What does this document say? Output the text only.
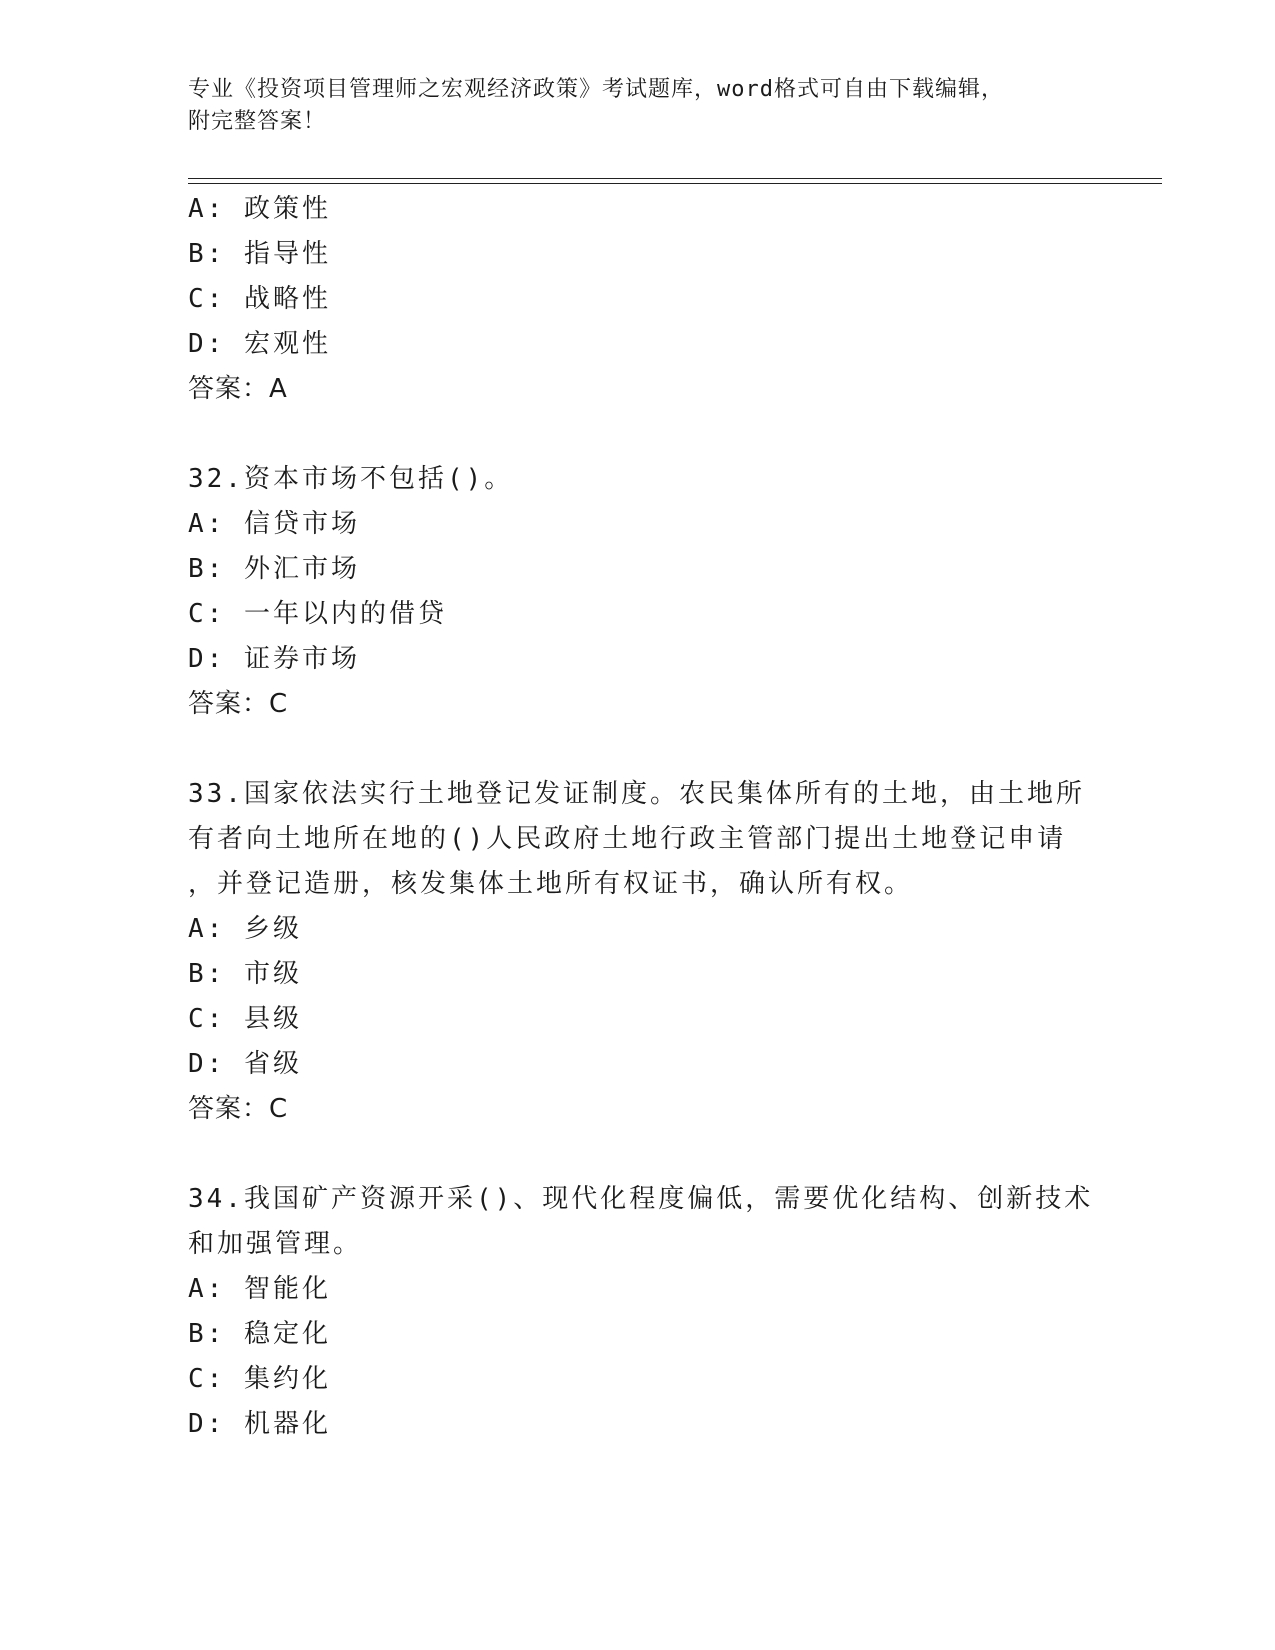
专业《投资项目管理师之宏观经济政策》考试题库，word格式可自由下载编辑，
附完整答案！
A: 政策性
B: 指导性
C: 战略性
D: 宏观性
答案：A
32.资本市场不包括()。
A: 信贷市场
B: 外汇市场
C: 一年以内的借贷
D: 证券市场
答案：C
33.国家依法实行土地登记发证制度。农民集体所有的土地，由土地所
有者向土地所在地的()人民政府土地行政主管部门提出土地登记申请
，并登记造册，核发集体土地所有权证书，确认所有权。
A: 乡级
B: 市级
C: 县级
D: 省级
答案：C
34.我国矿产资源开采()、现代化程度偏低，需要优化结构、创新技术
和加强管理。
A: 智能化
B: 稳定化
C: 集约化
D: 机器化
